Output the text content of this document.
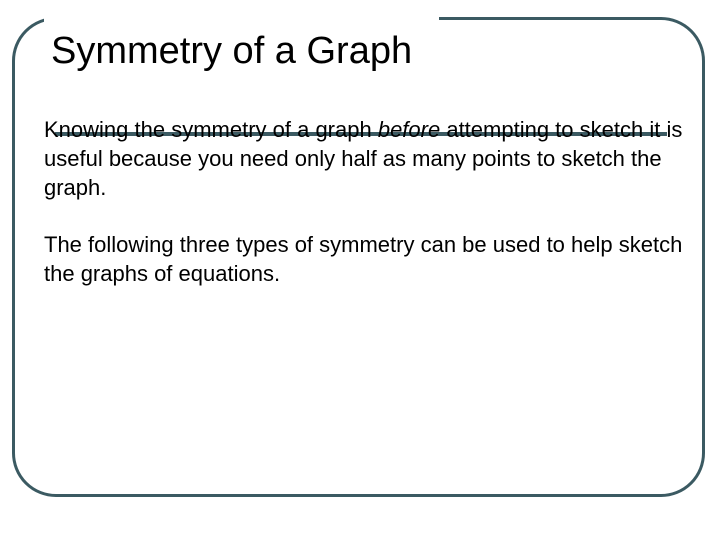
Symmetry of a Graph

Knowing the symmetry of a graph before attempting to sketch it is useful because you need only half as many points to sketch the graph.

The following three types of symmetry can be used to help sketch the graphs of equations.
